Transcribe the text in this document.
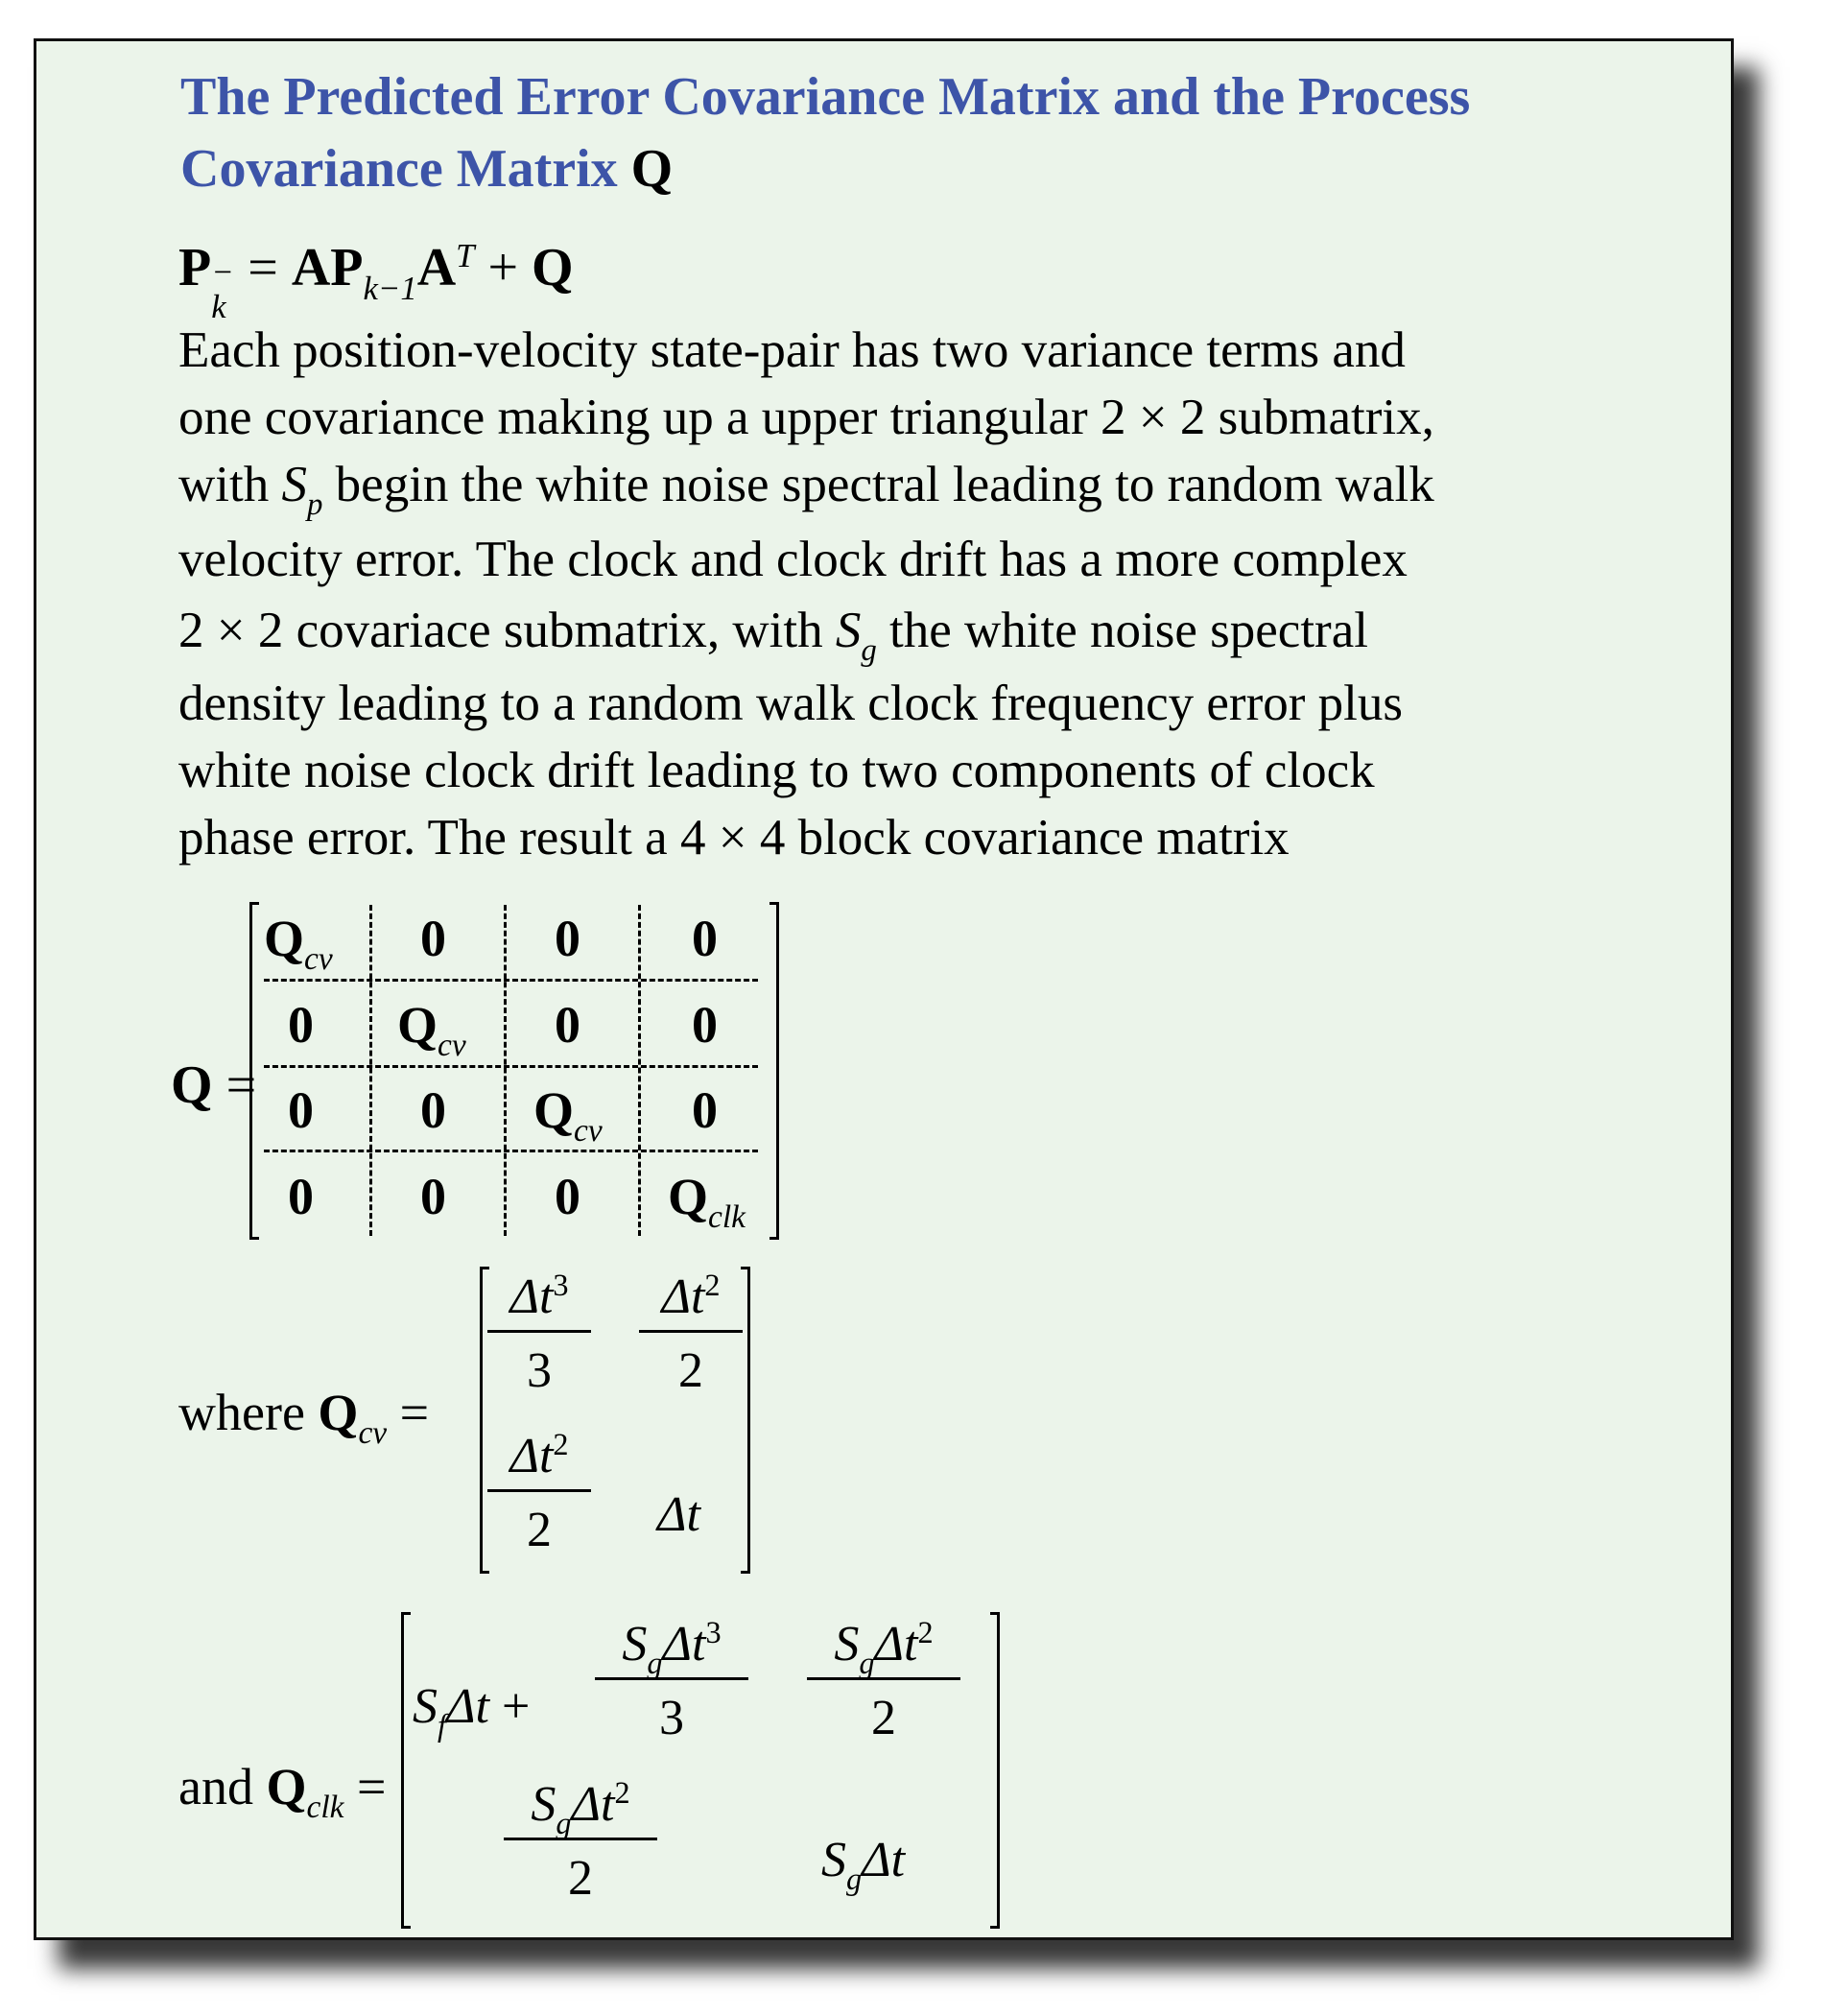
The Predicted Error Covariance Matrix and the Process
Covariance Matrix Q
P −
k
= $AP_{k-1}A^T + Q$
Each position-velocity state-pair has two variance terms and
one covariance making up a upper triangular 2 × 2 submatrix,
with $S_p$ begin the white noise spectral leading to random walk
velocity error. The clock and clock drift has a more complex
2 × 2 covariace submatrix, with $S_g$ the white noise spectral
density leading to a random walk clock frequency error plus
white noise clock drift leading to two components of clock
phase error. The result a 4 × 4 block covariance matrix
Q =
$Q_{cv}$ 0 0 0
0 $Q_{cv}$ 0 0
0 0 $Q_{cv}$ 0
0 0 0 $Q_{clk}$
where $Q_{cv}$ =
$\Delta t^3$
3
$\Delta t^2$
2
$\Delta t^2$
2	Δt
and $Q_{clk}$ =
$S_f\Delta t$ +
$S_g\Delta t^3$
3
$S_g\Delta t^2$
2
$S_g\Delta t^2$
2	$S_g\Delta t$
